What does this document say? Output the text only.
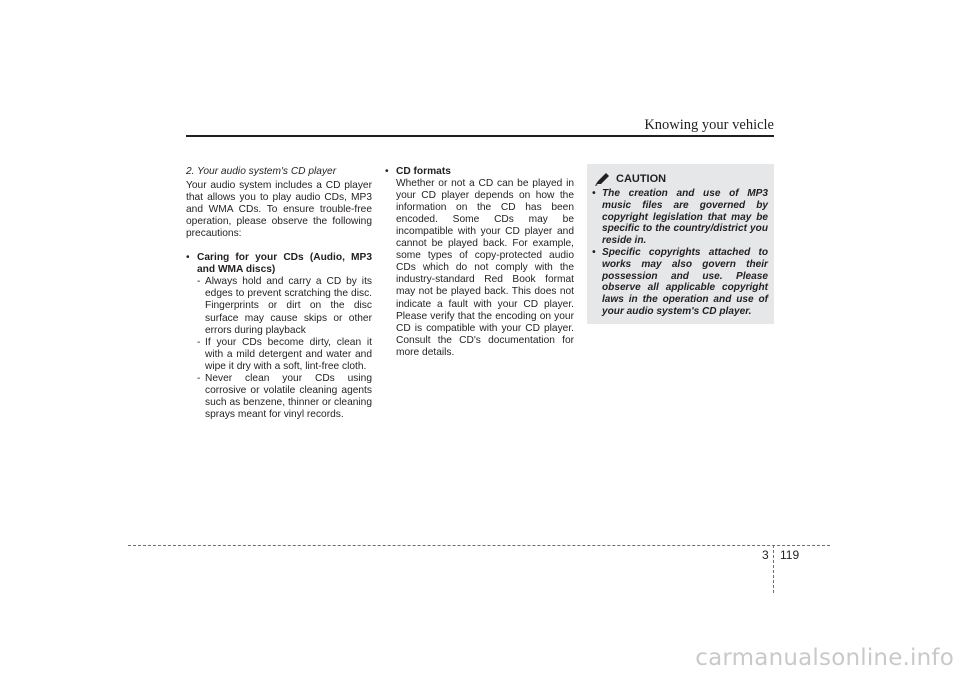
Knowing your vehicle

2. Your audio system's CD player

Your audio system includes a CD player that allows you to play audio CDs, MP3 and WMA CDs. To ensure trouble-free operation, please observe the following precautions:

• Caring for your CDs (Audio, MP3 and WMA discs)
- Always hold and carry a CD by its edges to prevent scratching the disc. Fingerprints or dirt on the disc surface may cause skips or other errors during playback
- If your CDs become dirty, clean it with a mild detergent and water and wipe it dry with a soft, lint-free cloth.
- Never clean your CDs using corrosive or volatile cleaning agents such as benzene, thinner or cleaning sprays meant for vinyl records.
• CD formats

Whether or not a CD can be played in your CD player depends on how the information on the CD has been encoded. Some CDs may be incompatible with your CD player and cannot be played back. For example, some types of copy-protected audio CDs which do not comply with the industry-standard Red Book format may not be played back. This does not indicate a fault with your CD player. Please verify that the encoding on your CD is compatible with your CD player. Consult the CD's documentation for more details.

CAUTION
• The creation and use of MP3 music files are governed by copyright legislation that may be specific to the country/district you reside in.
• Specific copyrights attached to works may also govern their possession and use. Please observe all applicable copyright laws in the operation and use of your audio system's CD player.
3 119
carmanualsonline.info
